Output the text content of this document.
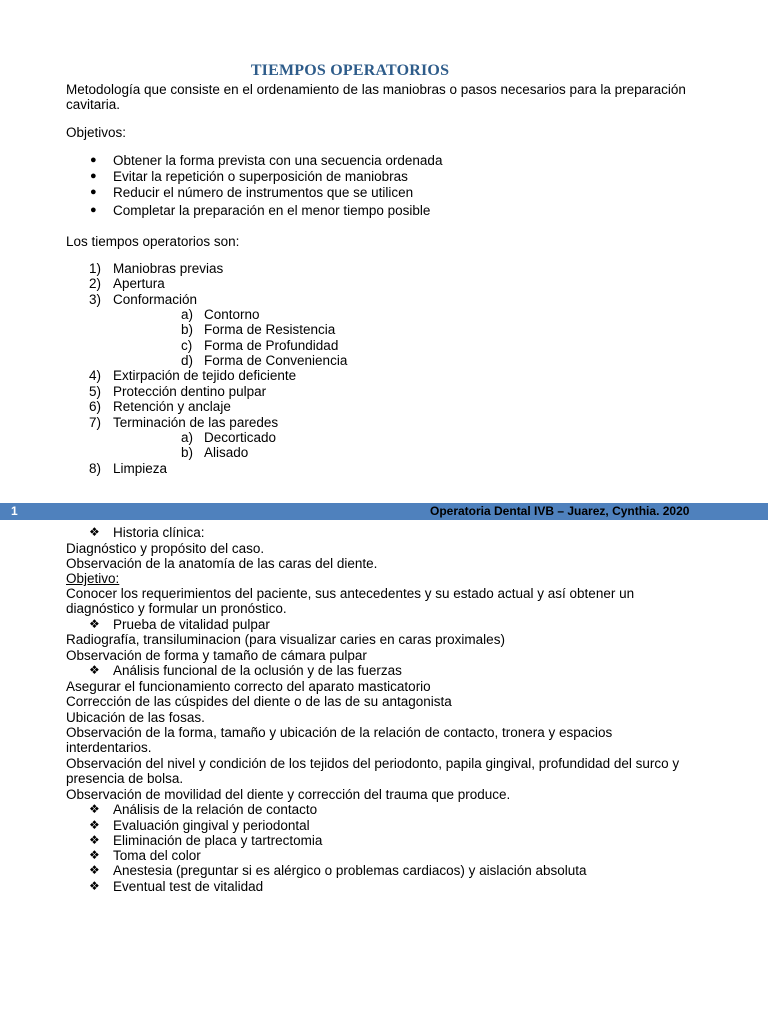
TIEMPOS OPERATORIOS
Metodología que consiste en el ordenamiento de las maniobras o pasos necesarios para la preparación cavitaria.
Objetivos:
● Obtener la forma prevista con una secuencia ordenada
● Evitar la repetición o superposición de maniobras
● Reducir el número de instrumentos que se utilicen
● Completar la preparación en el menor tiempo posible
Los tiempos operatorios son:
1) Maniobras previas
2) Apertura
3) Conformación
a) Contorno
b) Forma de Resistencia
c) Forma de Profundidad
d) Forma de Conveniencia
4) Extirpación de tejido deficiente
5) Protección dentino pulpar
6) Retención y anclaje
7) Terminación de las paredes
a) Decorticado
b) Alisado
8) Limpieza
1	Operatoria Dental IVB – Juarez, Cynthia. 2020
❖ Historia clínica:
Diagnóstico y propósito del caso.
Observación de la anatomía de las caras del diente.
Objetivo:
Conocer los requerimientos del paciente, sus antecedentes y su estado actual y así obtener un diagnóstico y formular un pronóstico.
❖ Prueba de vitalidad pulpar
Radiografía, transiluminacion (para visualizar caries en caras proximales)
Observación de forma y tamaño de cámara pulpar
❖ Análisis funcional de la oclusión y de las fuerzas
Asegurar el funcionamiento correcto del aparato masticatorio
Corrección de las cúspides del diente o de las de su antagonista
Ubicación de las fosas.
Observación de la forma, tamaño y ubicación de la relación de contacto, tronera y espacios interdentarios.
Observación del nivel y condición de los tejidos del periodonto, papila gingival, profundidad del surco y presencia de bolsa.
Observación de movilidad del diente y corrección del trauma que produce.
❖ Análisis de la relación de contacto
❖ Evaluación gingival y periodontal
❖ Eliminación de placa y tartrectomia
❖ Toma del color
❖ Anestesia (preguntar si es alérgico o problemas cardiacos) y aislación absoluta
❖ Eventual test de vitalidad
